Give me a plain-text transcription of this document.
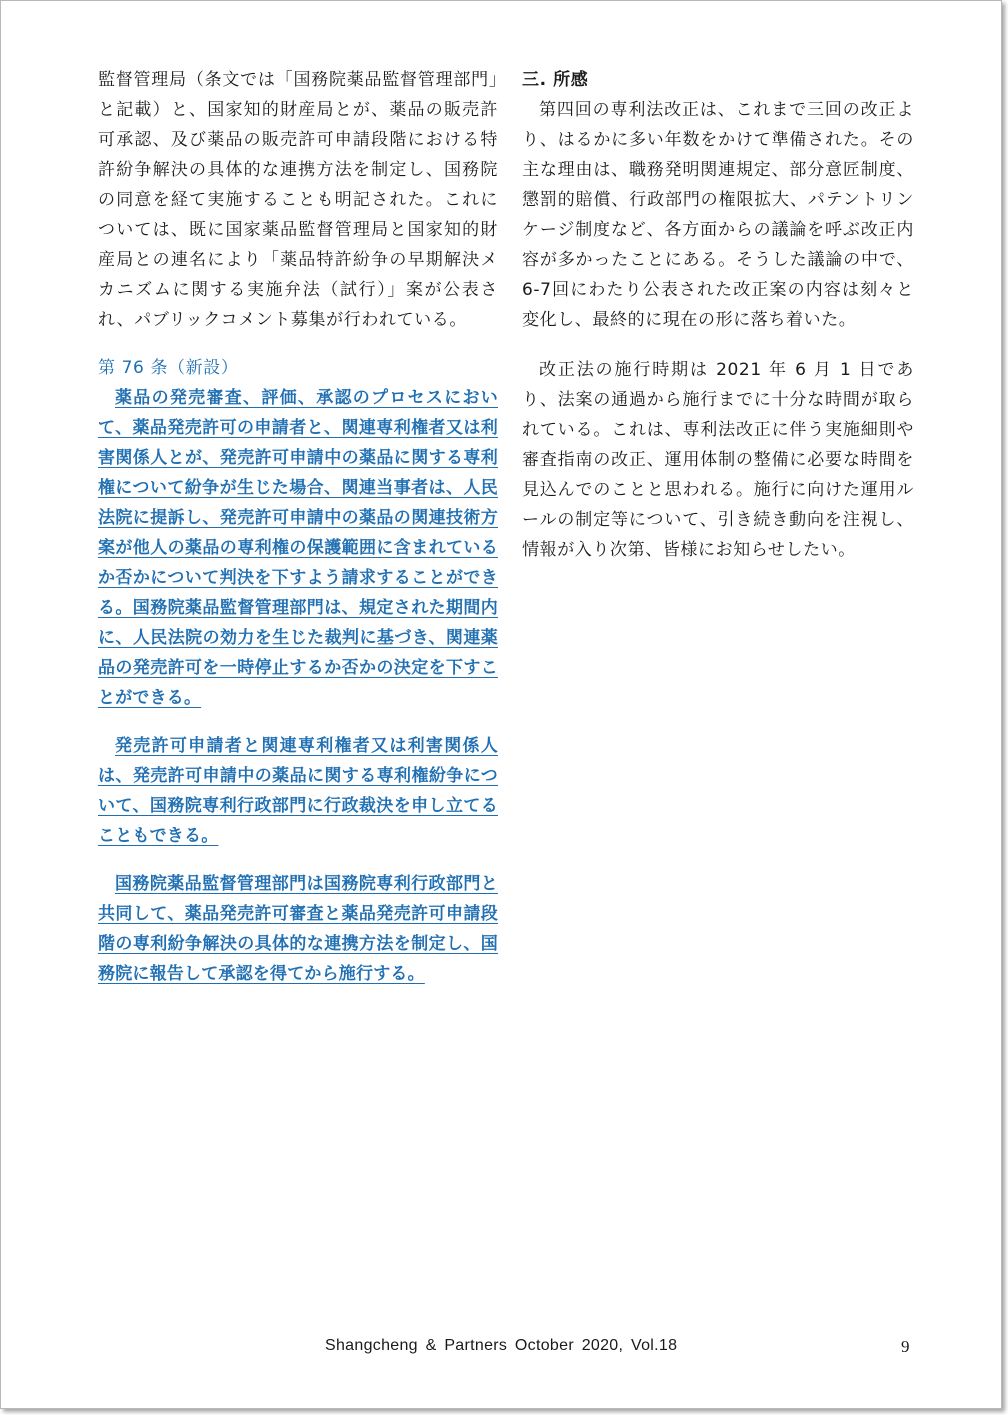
監督管理局（条文では「国務院薬品監督管理部門」と記載）と、国家知的財産局とが、薬品の販売許可承認、及び薬品の販売許可申請段階における特許紛争解決の具体的な連携方法を制定し、国務院の同意を経て実施することも明記された。これについては、既に国家薬品監督管理局と国家知的財産局との連名により「薬品特許紛争の早期解決メカニズムに関する実施弁法（試行）」案が公表され、パブリックコメント募集が行われている。

第 76 条（新設）

薬品の発売審査、評価、承認のプロセスにおいて、薬品発売許可の申請者と、関連専利権者又は利害関係人とが、発売許可申請中の薬品に関する専利権について紛争が生じた場合、関連当事者は、人民法院に提訴し、発売許可申請中の薬品の関連技術方案が他人の薬品の専利権の保護範囲に含まれているか否かについて判決を下すよう請求することができる。国務院薬品監督管理部門は、規定された期間内に、人民法院の効力を生じた裁判に基づき、関連薬品の発売許可を一時停止するか否かの決定を下すことができる。

発売許可申請者と関連専利権者又は利害関係人は、発売許可申請中の薬品に関する専利権紛争について、国務院専利行政部門に行政裁決を申し立てることもできる。

国務院薬品監督管理部門は国務院専利行政部門と共同して、薬品発売許可審査と薬品発売許可申請段階の専利紛争解決の具体的な連携方法を制定し、国務院に報告して承認を得てから施行する。

三. 所感

第四回の専利法改正は、これまで三回の改正より、はるかに多い年数をかけて準備された。その主な理由は、職務発明関連規定、部分意匠制度、懲罰的賠償、行政部門の権限拡大、パテントリンケージ制度など、各方面からの議論を呼ぶ改正内容が多かったことにある。そうした議論の中で、6-7回にわたり公表された改正案の内容は刻々と変化し、最終的に現在の形に落ち着いた。

改正法の施行時期は 2021 年 6 月 1 日であり、法案の通過から施行までに十分な時間が取られている。これは、専利法改正に伴う実施細則や審査指南の改正、運用体制の整備に必要な時間を見込んでのことと思われる。施行に向けた運用ルールの制定等について、引き続き動向を注視し、情報が入り次第、皆様にお知らせしたい。

Shangcheng & Partners October 2020, Vol.18	9
